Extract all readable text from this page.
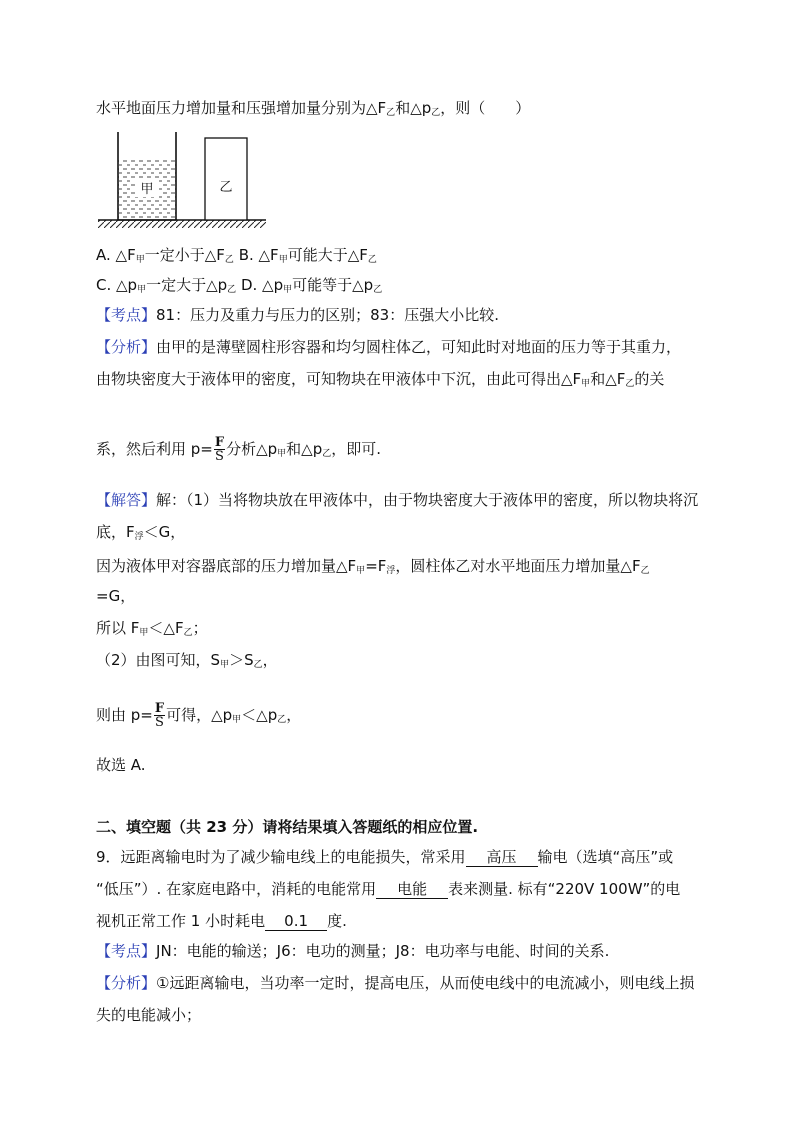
水平地面压力增加量和压强增加量分别为$\triangle F_乙$和$\triangle p_乙$，则（　　）
甲	乙
A. $\triangle F_甲$一定小于$\triangle F_乙$ B. $\triangle F_甲$可能大于$\triangle F_乙$
C. $\triangle p_甲$一定大于$\triangle p_乙$ D. $\triangle p_甲$可能等于$\triangle p_乙$
【考点】81：压力及重力与压力的区别；83：压强大小比较.
【分析】由甲的是薄壁圆柱形容器和均匀圆柱体乙，可知此时对地面的压力等于其重力，
由物块密度大于液体甲的密度，可知物块在甲液体中下沉，由此可得出$\triangle F_甲$和$\triangle F_乙$的关
系，然后利用 $p= \frac{F}{S}$ 分析$\triangle p_甲$和$\triangle p_乙$，即可.
【解答】解：（1）当将物块放在甲液体中，由于物块密度大于液体甲的密度，所以物块将沉
底，$F_浮<G$，
因为液体甲对容器底部的压力增加量$\triangle F_甲=F_浮$，圆柱体乙对水平地面压力增加量$\triangle F_乙$
=G，
所以 $F_甲<\triangle F_乙$；
（2）由图可知，$S_甲>S_乙$，
则由 $p= \frac{F}{S}$ 可得，$\triangle p_甲<\triangle p_乙$，
故选 A.
二、填空题（共 23 分）请将结果填入答题纸的相应位置.
9．远距离输电时为了减少输电线上的电能损失，常采用 高压 输电（选填“高压”或
“低压”）. 在家庭电路中，消耗的电能常用 电能 表来测量. 标有“220V 100W”的电
视机正常工作 1 小时耗电 0.1 度.
【考点】JN：电能的输送；J6：电功的测量；J8：电功率与电能、时间的关系.
【分析】①远距离输电，当功率一定时，提高电压，从而使电线中的电流减小，则电线上损
失的电能减小；
